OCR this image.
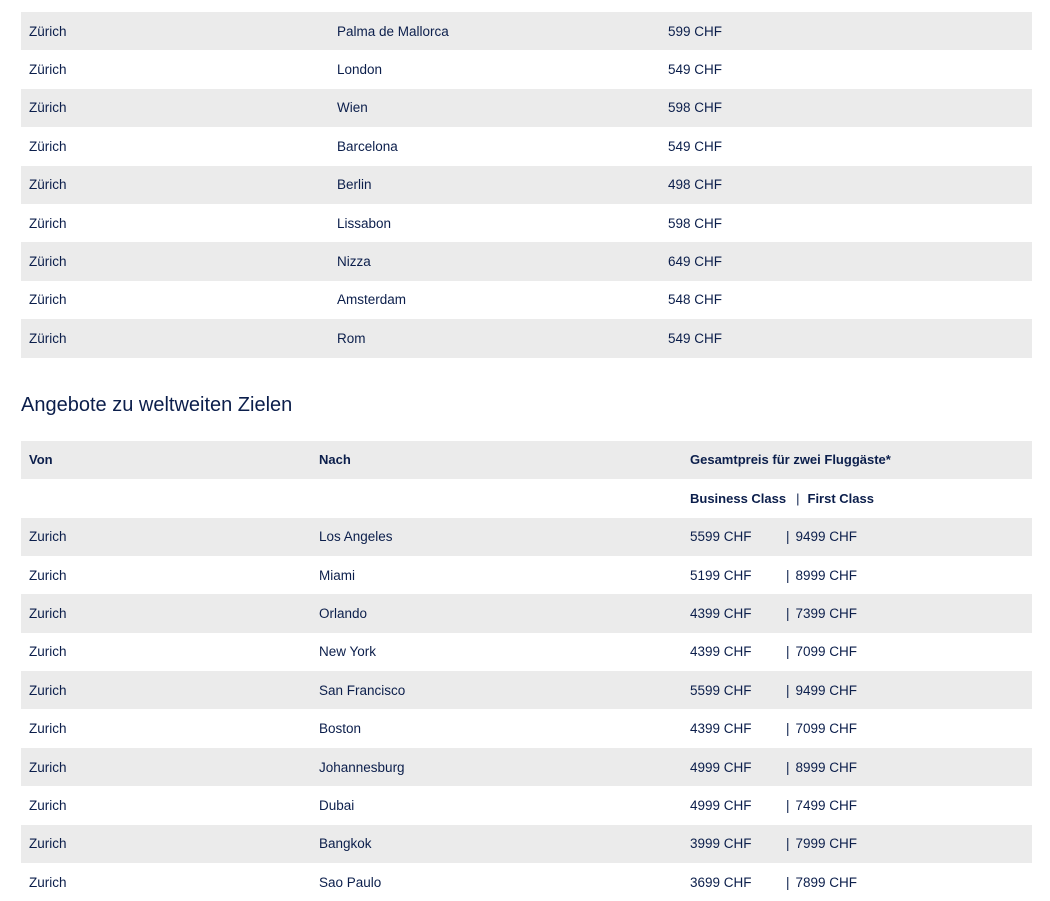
Zürich	Palma de Mallorca	599 CHF
Zürich	London	549 CHF
Zürich	Wien	598 CHF
Zürich	Barcelona	549 CHF
Zürich	Berlin	498 CHF
Zürich	Lissabon	598 CHF
Zürich	Nizza	649 CHF
Zürich	Amsterdam	548 CHF
Zürich	Rom	549 CHF
Angebote zu weltweiten Zielen
Von	Nach	Gesamtpreis für zwei Fluggäste*
		Business Class | First Class
Zurich	Los Angeles	5599 CHF | 9499 CHF
Zurich	Miami	5199 CHF | 8999 CHF
Zurich	Orlando	4399 CHF | 7399 CHF
Zurich	New York	4399 CHF | 7099 CHF
Zurich	San Francisco	5599 CHF | 9499 CHF
Zurich	Boston	4399 CHF | 7099 CHF
Zurich	Johannesburg	4999 CHF | 8999 CHF
Zurich	Dubai	4999 CHF | 7499 CHF
Zurich	Bangkok	3999 CHF | 7999 CHF
Zurich	Sao Paulo	3699 CHF | 7899 CHF
